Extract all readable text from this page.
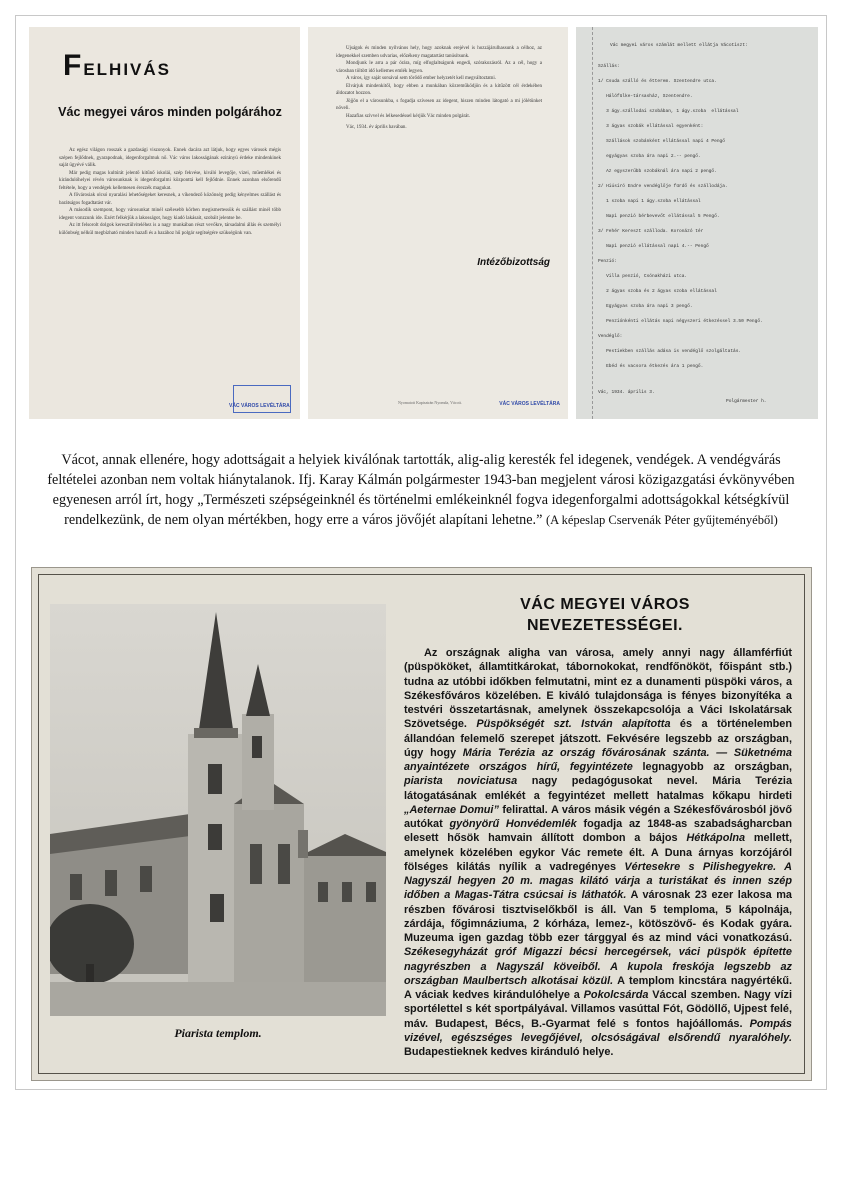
FELHIVÁS
Vác megyei város minden polgárához

Az egész világon rosszak a gazdasági viszonyok. Ennek dacára azt látjuk, hogy egyes városok mégis szépen fejlődnek, gyarapodnak, idegenforgalmuk nő. Vác város lakosságának ezirányú érdeke mindenkinek saját ügyévé válik.

Már pedig magas kultúrát jelentő kitűnő iskolái, szép fekvése, kiváló levegője, vizei, műemlékei és kirándulóhelyei révén városunknak is idegenforgalmi központtá kell fejlődnie. Ennek azonban elsőrendű feltétele, hogy a vendégek kellemesen érezzék magukat.

A fővárosiak olcsó nyaralási lehetőségeket keresnek, a víkendező közönség pedig kényelmes szállást és barátságos fogadtatást vár.

A második szempont, hogy városunkat minél szélesebb körben megismertessük és szállást minél több idegent vonzzunk ide. Ezért felkérjük a lakosságot, hogy kiadó lakásait, szobáit jelentse be.

Az itt felsorolt dolgok keresztülviteléhez is a nagy munkában részt vevőkre, társadalmi állás és személyi különbség nélkül megbízható minden hazafi és a hazához hű polgár segítségére szükségünk van.

VÁC VÁROS LEVÉLTÁRA

Újságok és minden nyilvános hely, hogy azoknak erejével is hozzájárulhassunk a célhoz, az idegenekkel szemben udvarias, előzékeny magatartást tanúsítsunk.

Mondjunk le arra a pár órára, míg elfoglaltságunk engedi, szórakozásról. Az a cél, hogy a városban töltött idő kellemes emlék legyen.

A város, így saját sorsával sem törődő ember helyzetét kell megváltoztatni.

Elvárjuk mindenkitől, hogy ebben a munkában közreműködjön és a kitűzött cél érdekében áldozatot hozzon.

Jöjjön el a városunkba, s fogadja szívesen az idegent, hiszen minden látogató a mi jólétünket növeli.

Hazafias szívvel és lelkesedéssel kérjük Vác minden polgárát.

Vác, 1934. év április havában.

Intézőbizottság
Nyomatott Kapisztrán Nyomda, Vácott.	VÁC VÁROS LEVÉLTÁRA
Vác megyei város számlát mellett ellátja Vácotiszt:
Szállás:
1/ Csuda szálló és étterem. Szentendre utca.
Hálófülke-társasház, Szentendre.
3 ágy.szállodai szobában, 1 ágy.szoba  ellátással
3 ágyas szobák ellátással egyenként:
Szállások szobánként ellátással napi 4 Pengő
egyágyas szoba ára napi 2.-- pengő.
Az egyszerűbb szobáknál ára napi 2 pengő.
2/ Hiúsíró Endre vendéglője fürdő és szállodája.
1 szoba napi 1 ágy.szoba ellátással
Napi penzió bérbevevőt ellátással 5 Pengő.
3/ Fehér Kereszt szálloda. Koronázó tér
Napi penzió ellátással napi 4.-- Pengő
Penzió:
Villa penzió, Csónakházi utca.
2 ágyas szoba és 2 ágyas szoba ellátással
Egyágyas szoba ára napi 3 pengő.
Penziónkénti ellátás napi négyszeri étkezéssel 3.50 Pengő.
Vendéglő:
Pestiekben szállás adása is vendéglő szolgáltatás.
Ebéd és vacsora étkezés ára 1 pengő.
Vác, 1934. április 3.
Polgármester h.
Vácot, annak ellenére, hogy adottságait a helyiek kiválónak tartották, alig-alig keresték fel idegenek, vendégek. A vendégvárás feltételei azonban nem voltak hiánytalanok. Ifj. Karay Kálmán polgármester 1943-ban megjelent városi közigazgatási évkönyvében egyenesen arról írt, hogy „Természeti szépségeinknél és történelmi emlékeinknél fogva idegenforgalmi adottságokkal kétségkívül rendelkezünk, de nem olyan mértékben, hogy erre a város jövőjét alapítani lehetne.” (A képeslap Cservenák Péter gyűjteményéből)
Piarista templom.
VÁC MEGYEI VÁROS
NEVEZETESSÉGEI.

Az országnak aligha van városa, amely annyi nagy államférfiút (püspököket, államtitkárokat, tábornokokat, rendfőnököt, főispánt stb.) tudna az utóbbi időkben felmutatni, mint ez a dunamenti püspöki város, a Székesfőváros közelében. E kiváló tulajdonsága is fényes bizonyítéka a testvéri összetartásnak, amelynek összekapcsolója a Váci Iskolatársak Szövetsége. Püspökségét szt. István alapította és a történelemben állandóan felemelő szerepet játszott. Fekvésére legszebb az országban, úgy hogy Mária Terézia az ország fővárosának szánta. — Süketnéma anyaintézete országos hírű, fegyintézete legnagyobb az országban, piarista noviciatusa nagy pedagógusokat nevel. Mária Terézia látogatásának emlékét a fegyintézet mellett hatalmas kőkapu hirdeti „Aeternae Domui” felirattal. A város másik végén a Székesfővárosból jövő autókat gyönyörű Honvédemlék fogadja az 1848-as szabadságharcban elesett hősök hamvain állított dombon a bájos Hétkápolna mellett, amelynek közelében egykor Vác remete élt. A Duna árnyas korzójáról fölséges kilátás nyílik a vadregényes Vértesekre s Pilishegyekre. A Nagyszál hegyen 20 m. magas kilátó várja a turistákat és innen szép időben a Magas-Tátra csúcsai is láthatók. A városnak 23 ezer lakosa ma részben fővárosi tisztviselőkből is áll. Van 5 temploma, 5 kápolnája, zárdája, főgimnáziuma, 2 kórháza, lemez-, kötöszövő- és Kodak gyára. Muzeuma igen gazdag több ezer tárggyal és az mind váci vonatkozású. Székesegyházát gróf Migazzi bécsi hercegérsek, váci püspök építette nagyrészben a Nagyszál köveiből. A kupola freskója legszebb az országban Maulbertsch alkotásai közül. A templom kincstára nagyértékű. A váciak kedves kirándulóhelye a Pokolcsárda Váccal szemben. Nagy vízi sportélettel s két sportpályával. Villamos vasúttal Fót, Gödöllő, Ujpest felé, máv. Budapest, Bécs, B.-Gyarmat felé s fontos hajóállomás. Pompás vizével, egészséges levegőjével, olcsóságával elsőrendű nyaralóhely. Budapestieknek kedves kiránduló helye.
